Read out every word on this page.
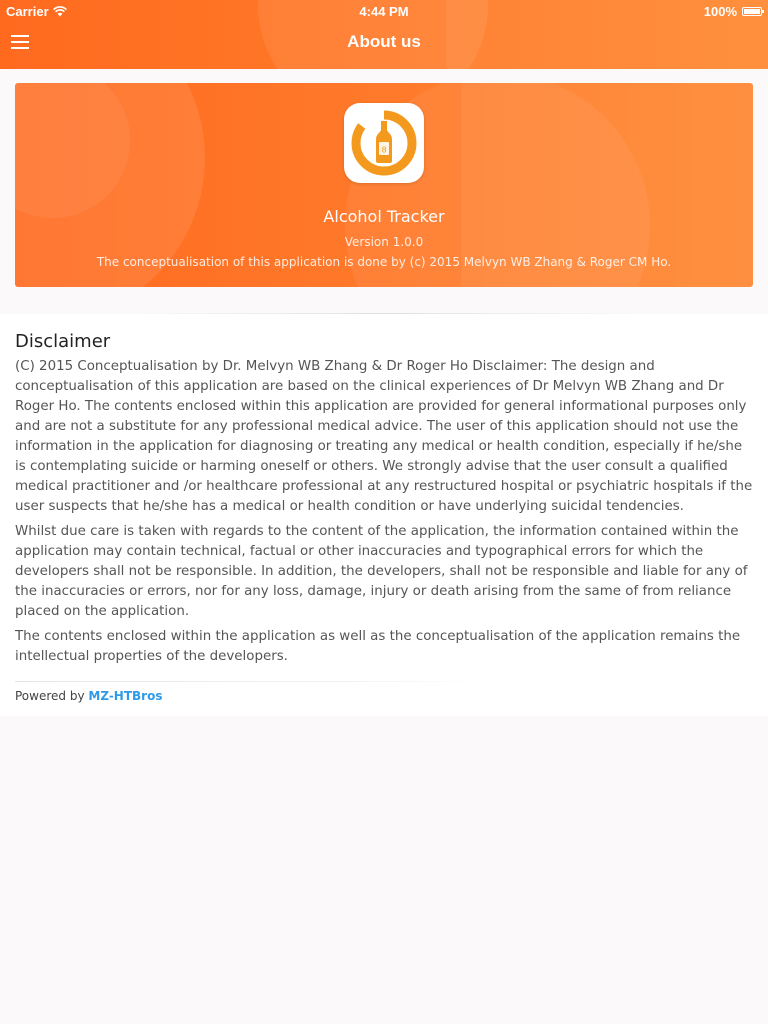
Carrier	4:44 PM	100%
About us
8
Alcohol Tracker
Version 1.0.0
The conceptualisation of this application is done by (c) 2015 Melvyn WB Zhang & Roger CM Ho.
Disclaimer

(C) 2015 Conceptualisation by Dr. Melvyn WB Zhang & Dr Roger Ho Disclaimer: The design and conceptualisation of this application are based on the clinical experiences of Dr Melvyn WB Zhang and Dr Roger Ho. The contents enclosed within this application are provided for general informational purposes only and are not a substitute for any professional medical advice. The user of this application should not use the information in the application for diagnosing or treating any medical or health condition, especially if he/she is contemplating suicide or harming oneself or others. We strongly advise that the user consult a qualified medical practitioner and /or healthcare professional at any restructured hospital or psychiatric hospitals if the user suspects that he/she has a medical or health condition or have underlying suicidal tendencies.

Whilst due care is taken with regards to the content of the application, the information contained within the application may contain technical, factual or other inaccuracies and typographical errors for which the developers shall not be responsible. In addition, the developers, shall not be responsible and liable for any of the inaccuracies or errors, nor for any loss, damage, injury or death arising from the same of from reliance placed on the application.

The contents enclosed within the application as well as the conceptualisation of the application remains the intellectual properties of the developers.

Powered by MZ-HTBros
